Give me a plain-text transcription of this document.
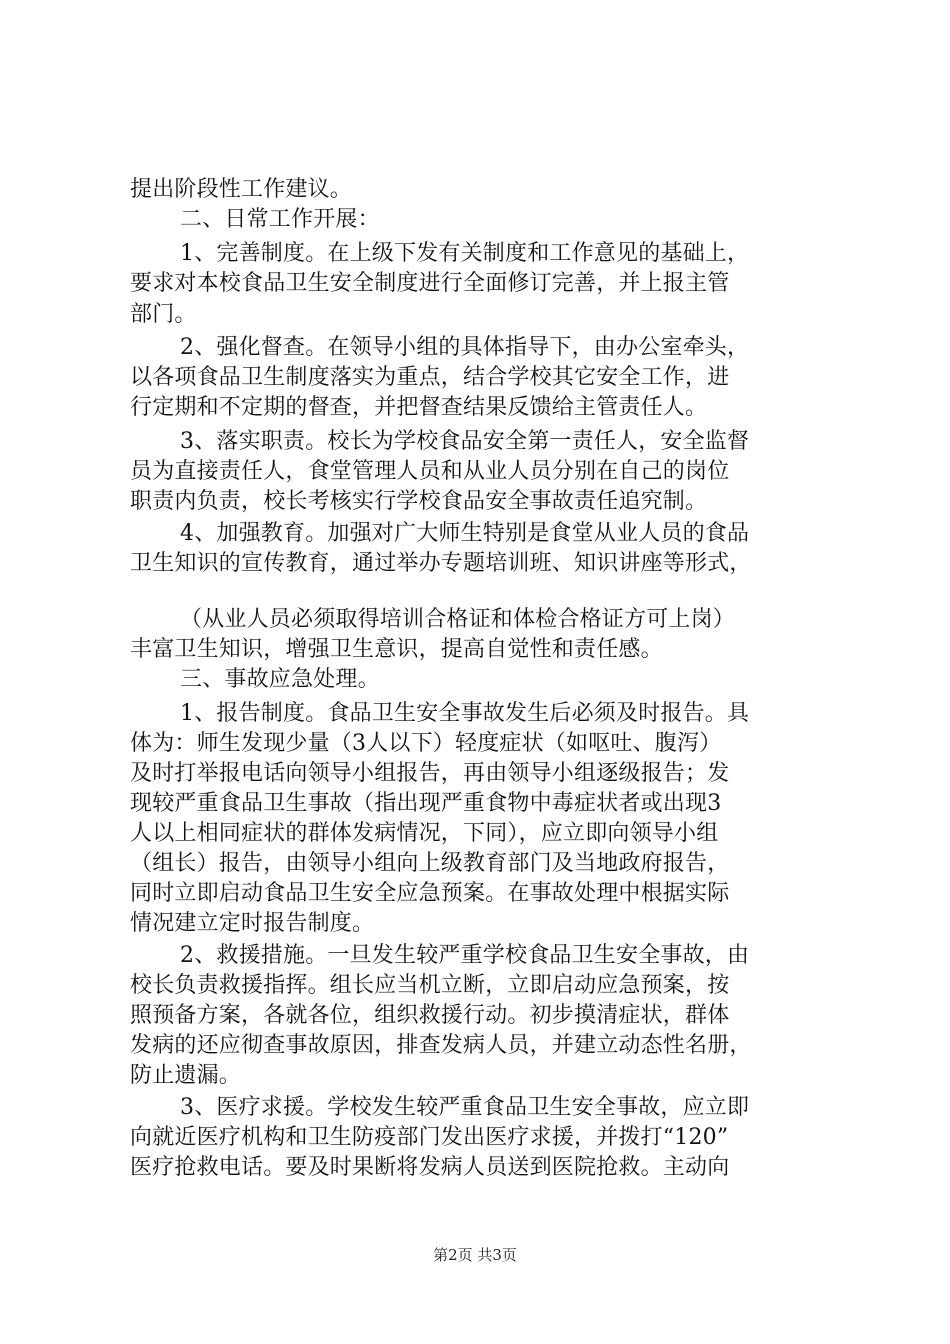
提出阶段性工作建议。
二、日常工作开展：
1、完善制度。在上级下发有关制度和工作意见的基础上，
要求对本校食品卫生安全制度进行全面修订完善，并上报主管
部门。
2、强化督查。在领导小组的具体指导下，由办公室牵头，
以各项食品卫生制度落实为重点，结合学校其它安全工作，进
行定期和不定期的督查，并把督查结果反馈给主管责任人。
3、落实职责。校长为学校食品安全第一责任人，安全监督
员为直接责任人，食堂管理人员和从业人员分别在自己的岗位
职责内负责，校长考核实行学校食品安全事故责任追究制。
4、加强教育。加强对广大师生特别是食堂从业人员的食品
卫生知识的宣传教育，通过举办专题培训班、知识讲座等形式，
（从业人员必须取得培训合格证和体检合格证方可上岗）
丰富卫生知识，增强卫生意识，提高自觉性和责任感。
三、事故应急处理。
1、报告制度。食品卫生安全事故发生后必须及时报告。具
体为：师生发现少量（3人以下）轻度症状（如呕吐、腹泻）
及时打举报电话向领导小组报告，再由领导小组逐级报告；发
现较严重食品卫生事故（指出现严重食物中毒症状者或出现3
人以上相同症状的群体发病情况，下同），应立即向领导小组
（组长）报告，由领导小组向上级教育部门及当地政府报告，
同时立即启动食品卫生安全应急预案。在事故处理中根据实际
情况建立定时报告制度。
2、救援措施。一旦发生较严重学校食品卫生安全事故，由
校长负责救援指挥。组长应当机立断，立即启动应急预案，按
照预备方案，各就各位，组织救援行动。初步摸清症状，群体
发病的还应彻查事故原因，排查发病人员，并建立动态性名册，
防止遗漏。
3、医疗求援。学校发生较严重食品卫生安全事故，应立即
向就近医疗机构和卫生防疫部门发出医疗求援，并拨打“120”
医疗抢救电话。要及时果断将发病人员送到医院抢救。主动向
第2页 共3页
